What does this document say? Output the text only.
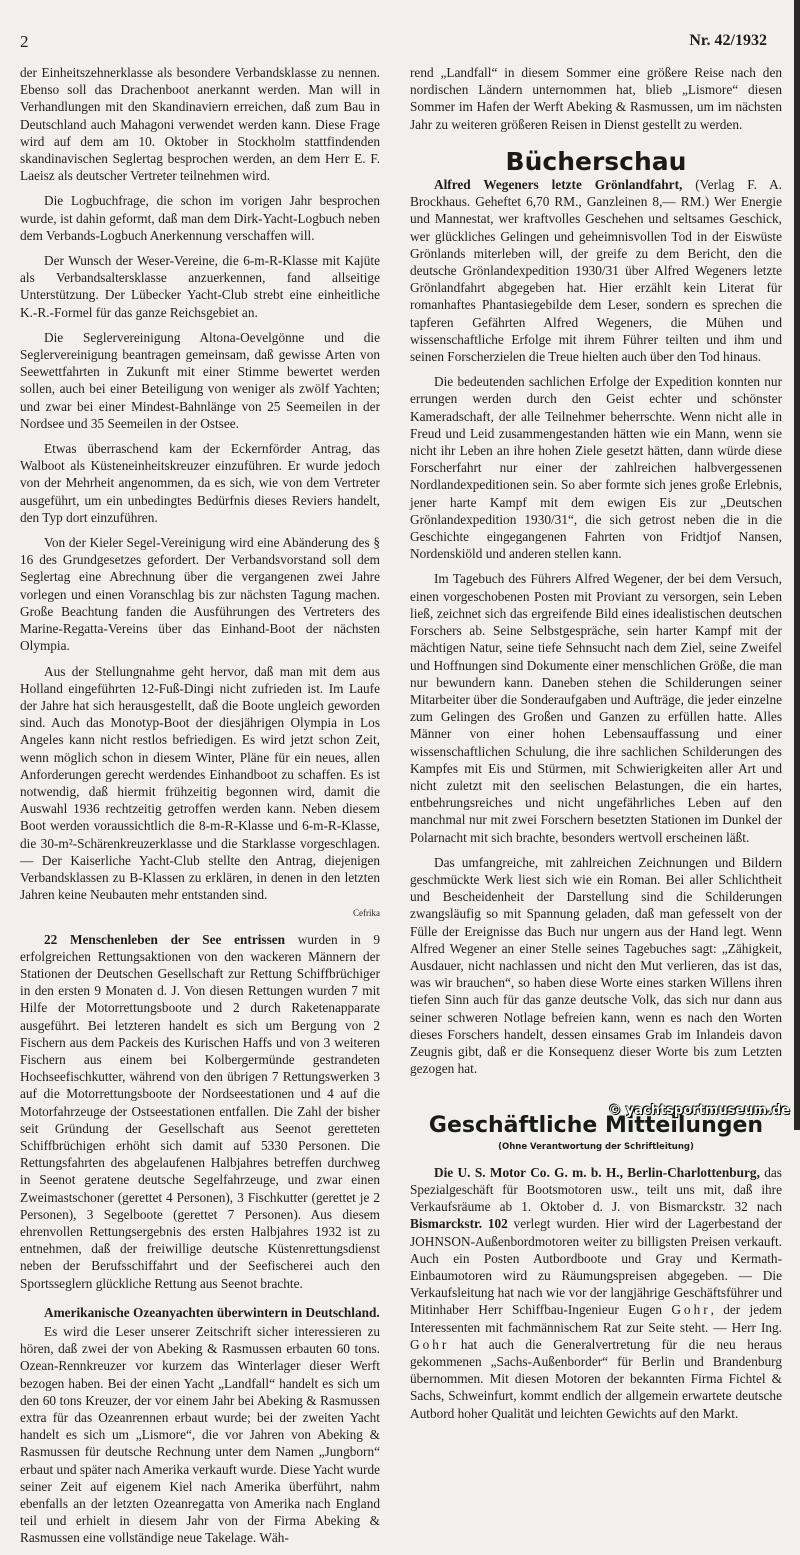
2	Nr. 42/1932

der Einheitszehnerklasse als besondere Verbandsklasse zu nennen. Ebenso soll das Drachenboot anerkannt werden. Man will in Verhandlungen mit den Skandinaviern erreichen, daß zum Bau in Deutschland auch Mahagoni verwendet werden kann. Diese Frage wird auf dem am 10. Oktober in Stockholm stattfindenden skandinavischen Seglertag besprochen werden, an dem Herr E. F. Laeisz als deutscher Vertreter teilnehmen wird.

Die Logbuchfrage, die schon im vorigen Jahr besprochen wurde, ist dahin geformt, daß man dem Dirk-Yacht-Logbuch neben dem Verbands-Logbuch Anerkennung verschaffen will.

Der Wunsch der Weser-Vereine, die 6-m-R-Klasse mit Kajüte als Verbandsaltersklasse anzuerkennen, fand allseitige Unterstützung. Der Lübecker Yacht-Club strebt eine einheitliche K.-R.-Formel für das ganze Reichsgebiet an.

Die Seglervereinigung Altona-Oevelgönne und die Seglervereinigung beantragen gemeinsam, daß gewisse Arten von Seewettfahrten in Zukunft mit einer Stimme bewertet werden sollen, auch bei einer Beteiligung von weniger als zwölf Yachten; und zwar bei einer Mindest-Bahnlänge von 25 Seemeilen in der Nordsee und 35 Seemeilen in der Ostsee.

Etwas überraschend kam der Eckernförder Antrag, das Walboot als Küsteneinheitskreuzer einzuführen. Er wurde jedoch von der Mehrheit angenommen, da es sich, wie von dem Vertreter ausgeführt, um ein unbedingtes Bedürfnis dieses Reviers handelt, den Typ dort einzuführen.

Von der Kieler Segel-Vereinigung wird eine Abänderung des § 16 des Grundgesetzes gefordert. Der Verbandsvorstand soll dem Seglertag eine Abrechnung über die vergangenen zwei Jahre vorlegen und einen Voranschlag bis zur nächsten Tagung machen. Große Beachtung fanden die Ausführungen des Vertreters des Marine-Regatta-Vereins über das Einhand-Boot der nächsten Olympia.

Aus der Stellungnahme geht hervor, daß man mit dem aus Holland eingeführten 12-Fuß-Dingi nicht zufrieden ist. Im Laufe der Jahre hat sich herausgestellt, daß die Boote ungleich geworden sind. Auch das Monotyp-Boot der diesjährigen Olympia in Los Angeles kann nicht restlos befriedigen. Es wird jetzt schon Zeit, wenn möglich schon in diesem Winter, Pläne für ein neues, allen Anforderungen gerecht werdendes Einhandboot zu schaffen. Es ist notwendig, daß hiermit frühzeitig begonnen wird, damit die Auswahl 1936 rechtzeitig getroffen werden kann. Neben diesem Boot werden voraussichtlich die 8-m-R-Klasse und 6-m-R-Klasse, die 30-m²-Schärenkreuzerklasse und die Starklasse vorgeschlagen. — Der Kaiserliche Yacht-Club stellte den Antrag, diejenigen Verbandsklassen zu B-Klassen zu erklären, in denen in den letzten Jahren keine Neubauten mehr entstanden sind.

Cefrika

22 Menschenleben der See entrissen wurden in 9 erfolgreichen Rettungsaktionen von den wackeren Männern der Stationen der Deutschen Gesellschaft zur Rettung Schiffbrüchiger in den ersten 9 Monaten d. J. Von diesen Rettungen wurden 7 mit Hilfe der Motorrettungsboote und 2 durch Raketenapparate ausgeführt. Bei letzteren handelt es sich um Bergung von 2 Fischern aus dem Packeis des Kurischen Haffs und von 3 weiteren Fischern aus einem bei Kolbergermünde gestrandeten Hochseefischkutter, während von den übrigen 7 Rettungswerken 3 auf die Motorrettungsboote der Nordseestationen und 4 auf die Motorfahrzeuge der Ostseestationen entfallen. Die Zahl der bisher seit Gründung der Gesellschaft aus Seenot geretteten Schiffbrüchigen erhöht sich damit auf 5330 Personen. Die Rettungsfahrten des abgelaufenen Halbjahres betreffen durchweg in Seenot geratene deutsche Segelfahrzeuge, und zwar einen Zweimastschoner (gerettet 4 Personen), 3 Fischkutter (gerettet je 2 Personen), 3 Segelboote (gerettet 7 Personen). Aus diesem ehrenvollen Rettungsergebnis des ersten Halbjahres 1932 ist zu entnehmen, daß der freiwillige deutsche Küstenrettungsdienst neben der Berufsschiffahrt und der Seefischerei auch den Sportsseglern glückliche Rettung aus Seenot brachte.

Amerikanische Ozeanyachten überwintern in Deutschland.

Es wird die Leser unserer Zeitschrift sicher interessieren zu hören, daß zwei der von Abeking & Rasmussen erbauten 60 tons. Ozean-Rennkreuzer vor kurzem das Winterlager dieser Werft bezogen haben. Bei der einen Yacht „Landfall“ handelt es sich um den 60 tons Kreuzer, der vor einem Jahr bei Abeking & Rasmussen extra für das Ozeanrennen erbaut wurde; bei der zweiten Yacht handelt es sich um „Lismore“, die vor Jahren von Abeking & Rasmussen für deutsche Rechnung unter dem Namen „Jungborn“ erbaut und später nach Amerika verkauft wurde. Diese Yacht wurde seiner Zeit auf eigenem Kiel nach Amerika überführt, nahm ebenfalls an der letzten Ozeanregatta von Amerika nach England teil und erhielt in diesem Jahr von der Firma Abeking & Rasmussen eine vollständige neue Takelage. Wäh-

rend „Landfall“ in diesem Sommer eine größere Reise nach den nordischen Ländern unternommen hat, blieb „Lismore“ diesen Sommer im Hafen der Werft Abeking & Rasmussen, um im nächsten Jahr zu weiteren größeren Reisen in Dienst gestellt zu werden.

Bücherschau

Alfred Wegeners letzte Grönlandfahrt, (Verlag F. A. Brockhaus. Geheftet 6,70 RM., Ganzleinen 8,— RM.) Wer Energie und Mannestat, wer kraftvolles Geschehen und seltsames Geschick, wer glückliches Gelingen und geheimnisvollen Tod in der Eiswüste Grönlands miterleben will, der greife zu dem Bericht, den die deutsche Grönlandexpedition 1930/31 über Alfred Wegeners letzte Grönlandfahrt abgegeben hat. Hier erzählt kein Literat für romanhaftes Phantasiegebilde dem Leser, sondern es sprechen die tapferen Gefährten Alfred Wegeners, die Mühen und wissenschaftliche Erfolge mit ihrem Führer teilten und ihm und seinen Forscherzielen die Treue hielten auch über den Tod hinaus.

Die bedeutenden sachlichen Erfolge der Expedition konnten nur errungen werden durch den Geist echter und schönster Kameradschaft, der alle Teilnehmer beherrschte. Wenn nicht alle in Freud und Leid zusammengestanden hätten wie ein Mann, wenn sie nicht ihr Leben an ihre hohen Ziele gesetzt hätten, dann würde diese Forscherfahrt nur einer der zahlreichen halbvergessenen Nordlandexpeditionen sein. So aber formte sich jenes große Erlebnis, jener harte Kampf mit dem ewigen Eis zur „Deutschen Grönlandexpedition 1930/31“, die sich getrost neben die in die Geschichte eingegangenen Fahrten von Fridtjof Nansen, Nordenskiöld und anderen stellen kann.

Im Tagebuch des Führers Alfred Wegener, der bei dem Versuch, einen vorgeschobenen Posten mit Proviant zu versorgen, sein Leben ließ, zeichnet sich das ergreifende Bild eines idealistischen deutschen Forschers ab. Seine Selbstgespräche, sein harter Kampf mit der mächtigen Natur, seine tiefe Sehnsucht nach dem Ziel, seine Zweifel und Hoffnungen sind Dokumente einer menschlichen Größe, die man nur bewundern kann. Daneben stehen die Schilderungen seiner Mitarbeiter über die Sonderaufgaben und Aufträge, die jeder einzelne zum Gelingen des Großen und Ganzen zu erfüllen hatte. Alles Männer von einer hohen Lebensauffassung und einer wissenschaftlichen Schulung, die ihre sachlichen Schilderungen des Kampfes mit Eis und Stürmen, mit Schwierigkeiten aller Art und nicht zuletzt mit den seelischen Belastungen, die ein hartes, entbehrungsreiches und nicht ungefährliches Leben auf den manchmal nur mit zwei Forschern besetzten Stationen im Dunkel der Polarnacht mit sich brachte, besonders wertvoll erscheinen läßt.

Das umfangreiche, mit zahlreichen Zeichnungen und Bildern geschmückte Werk liest sich wie ein Roman. Bei aller Schlichtheit und Bescheidenheit der Darstellung sind die Schilderungen zwangsläufig so mit Spannung geladen, daß man gefesselt von der Fülle der Ereignisse das Buch nur ungern aus der Hand legt. Wenn Alfred Wegener an einer Stelle seines Tagebuches sagt: „Zähigkeit, Ausdauer, nicht nachlassen und nicht den Mut verlieren, das ist das, was wir brauchen“, so haben diese Worte eines starken Willens ihren tiefen Sinn auch für das ganze deutsche Volk, das sich nur dann aus seiner schweren Notlage befreien kann, wenn es nach den Worten dieses Forschers handelt, dessen einsames Grab im Inlandeis davon Zeugnis gibt, daß er die Konsequenz dieser Worte bis zum Letzten gezogen hat.

Geschäftliche Mitteilungen
(Ohne Verantwortung der Schriftleitung)

Die U. S. Motor Co. G. m. b. H., Berlin-Charlottenburg, das Spezialgeschäft für Bootsmotoren usw., teilt uns mit, daß ihre Verkaufsräume ab 1. Oktober d. J. von Bismarckstr. 32 nach Bismarckstr. 102 verlegt wurden. Hier wird der Lagerbestand der JOHNSON-Außenbordmotoren weiter zu billigsten Preisen verkauft. Auch ein Posten Autbordboote und Gray und Kermath-Einbaumotoren wird zu Räumungspreisen abgegeben. — Die Verkaufsleitung hat nach wie vor der langjährige Geschäftsführer und Mitinhaber Herr Schiffbau-Ingenieur Eugen Gohr, der jedem Interessenten mit fachmännischem Rat zur Seite steht. — Herr Ing. Gohr hat auch die Generalvertretung für die neu heraus gekommenen „Sachs-Außenborder“ für Berlin und Brandenburg übernommen. Mit diesen Motoren der bekannten Firma Fichtel & Sachs, Schweinfurt, kommt endlich der allgemein erwartete deutsche Autbord hoher Qualität und leichten Gewichts auf den Markt.

© yachtsportmuseum.de
